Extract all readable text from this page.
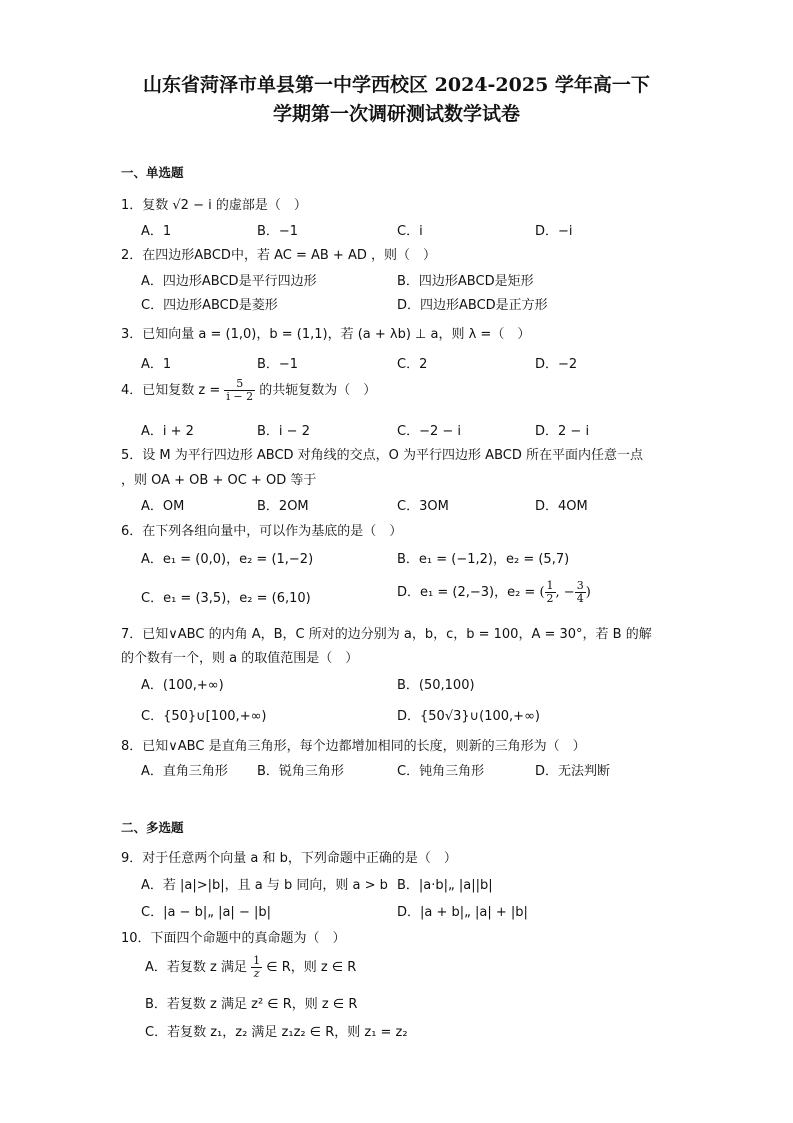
山东省菏泽市单县第一中学西校区 2024-2025 学年高一下
学期第一次调研测试数学试卷
一、单选题
1．复数 √2 − i 的虚部是（　）
A．1	B．−1	C．i	D．−i
2．在四边形ABCD中，若 AC = AB + AD ，则（　）
A．四边形ABCD是平行四边形	B．四边形ABCD是矩形
C．四边形ABCD是菱形	D．四边形ABCD是正方形
3．已知向量 a = (1,0)，b = (1,1)，若 (a + λb) ⊥ a，则 λ =（　）
A．1	B．−1	C．2	D．−2
4．已知复数 $z = \frac{5}{i - 2}$ 的共轭复数为（　）
A．i + 2	B．i − 2	C．−2 − i	D．2 − i
5．设 M 为平行四边形 ABCD 对角线的交点，O 为平行四边形 ABCD 所在平面内任意一点
，则 OA + OB + OC + OD 等于
A．OM	B．2OM	C．3OM	D．4OM
6．在下列各组向量中，可以作为基底的是（　）
A．e₁ = (0,0)，e₂ = (1,−2)	B．e₁ = (−1,2)，e₂ = (5,7)
C．e₁ = (3,5)，e₂ = (6,10)	D．e₁ = (2,−3)，e₂ = ( $\frac{1}{2}$ , − $\frac{3}{4}$ )
7．已知∨ABC 的内角 A，B，C 所对的边分别为 a，b，c，b = 100，A = 30°，若 B 的解
的个数有一个，则 a 的取值范围是（　）
A．(100,+∞)	B．(50,100)
C．{50}∪[100,+∞)	D．{50√3}∪(100,+∞)
8．已知∨ABC 是直角三角形，每个边都增加相同的长度，则新的三角形为（　）
A．直角三角形 B．锐角三角形	C．钝角三角形	D．无法判断
二、多选题
9．对于任意两个向量 a 和 b，下列命题中正确的是（　）
A．若 |a|>|b|，且 a 与 b 同向，则 a > b B．|a·b|„ |a||b|
C．|a − b|„ |a| − |b|	D．|a + b|„ |a| + |b|
10．下面四个命题中的真命题为（　）
A．若复数 z 满足 $\frac{1}{z}$ ∈ R，则 z ∈ R
B．若复数 z 满足 z² ∈ R，则 z ∈ R
C．若复数 z₁，z₂ 满足 z₁z₂ ∈ R，则 z₁ = z₂
